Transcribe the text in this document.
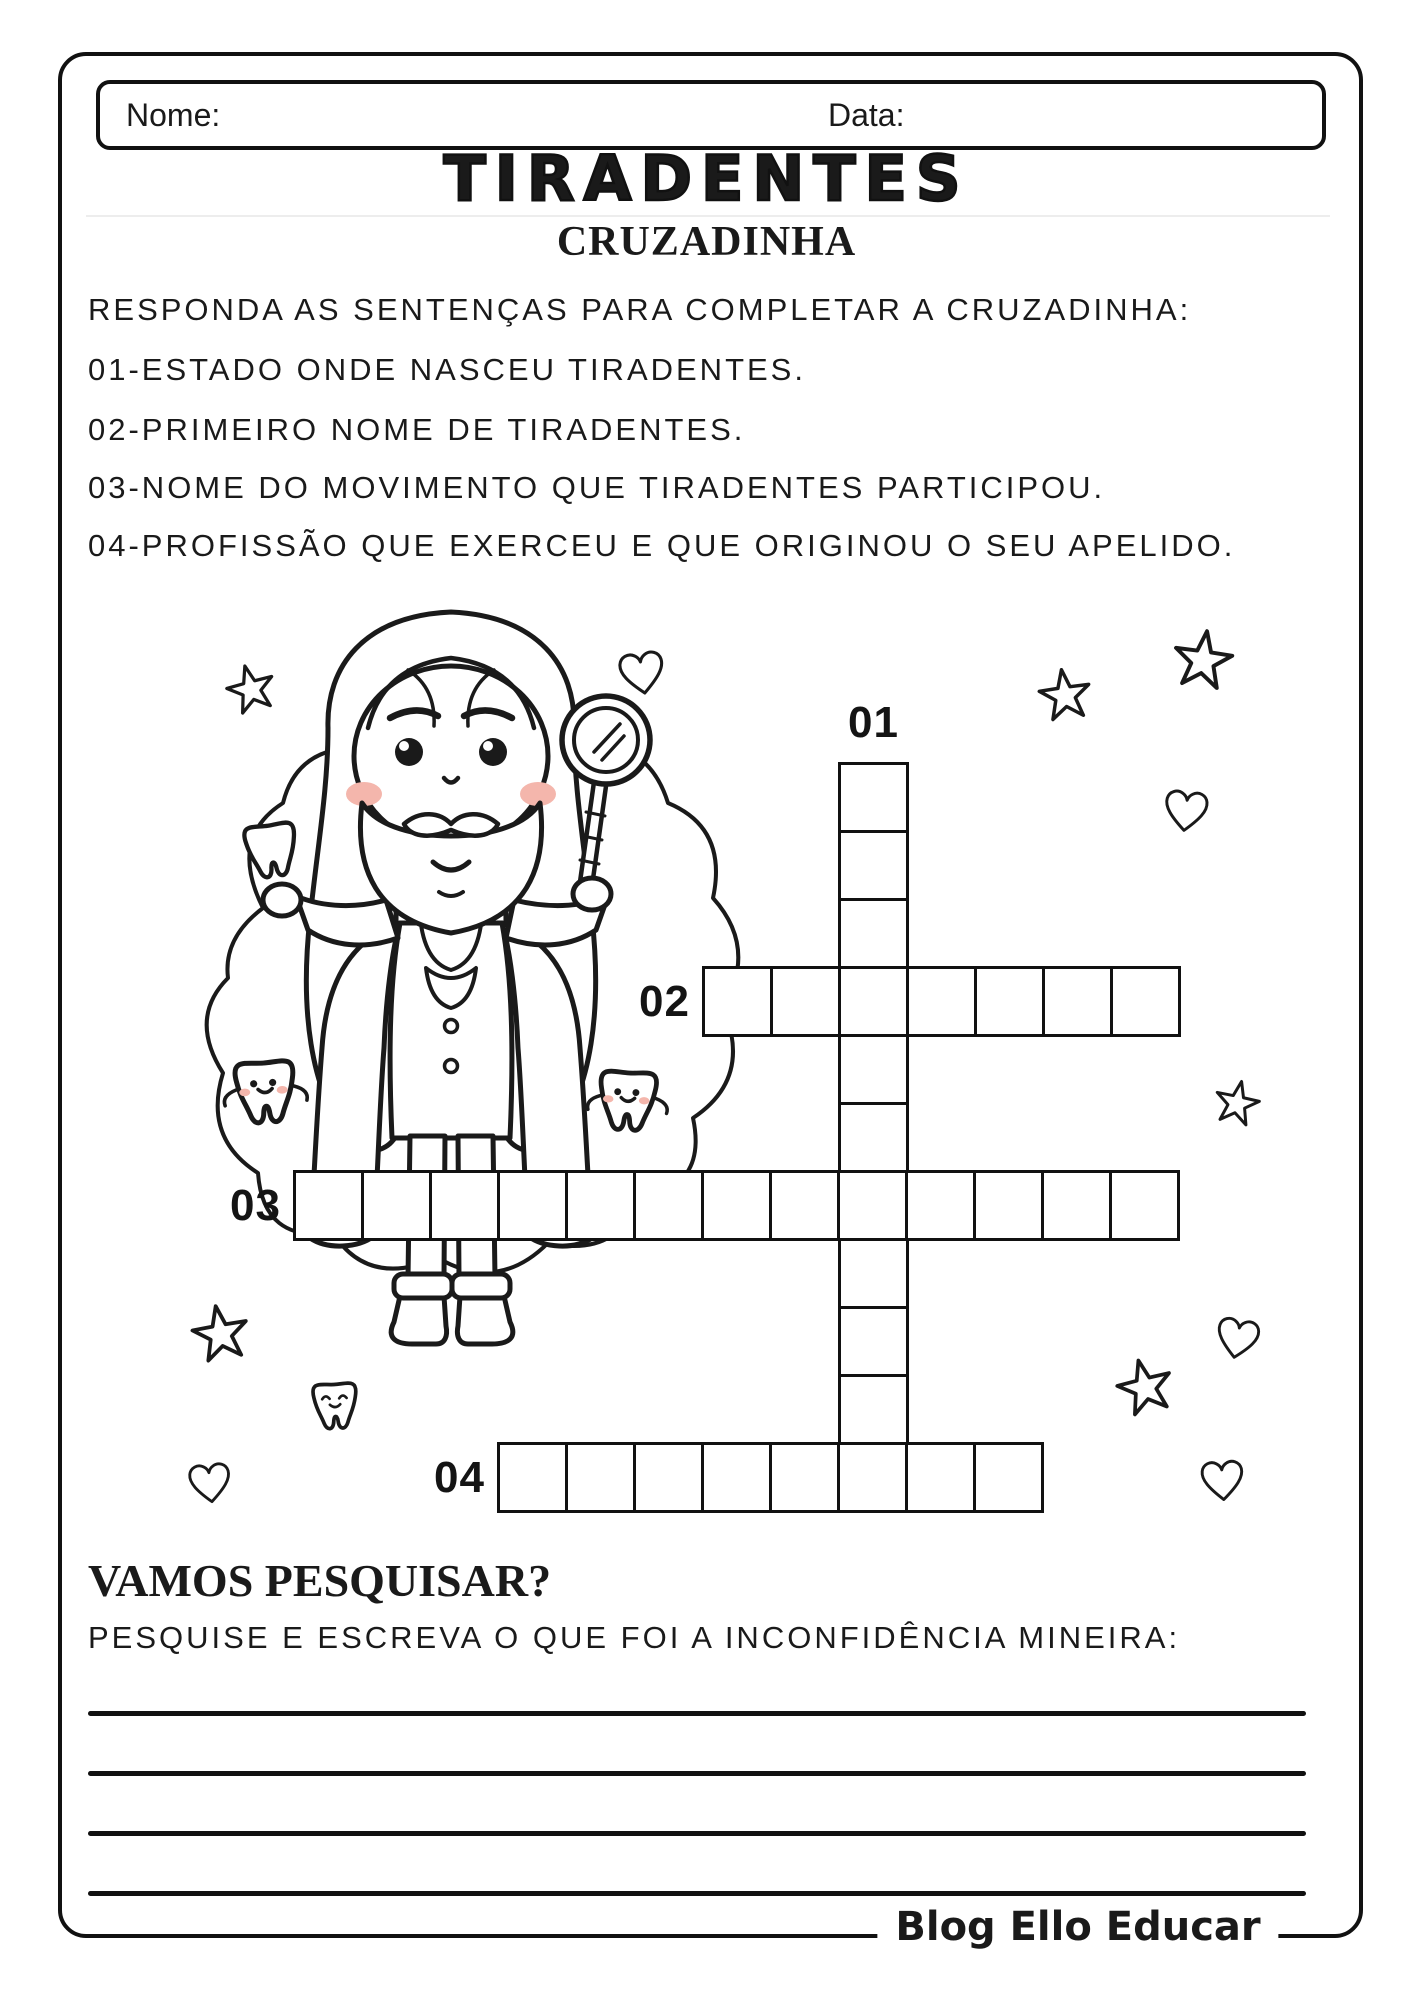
Nome:	Data:
TIRADENTES
CRUZADINHA
RESPONDA AS SENTENÇAS PARA COMPLETAR A CRUZADINHA:
01-ESTADO ONDE NASCEU TIRADENTES.
02-PRIMEIRO NOME DE TIRADENTES.
03-NOME DO MOVIMENTO QUE TIRADENTES PARTICIPOU.
04-PROFISSÃO QUE EXERCEU E QUE ORIGINOU O SEU APELIDO.
01
02
03
04
VAMOS PESQUISAR?
PESQUISE E ESCREVA O QUE FOI A INCONFIDÊNCIA MINEIRA:
Blog Ello Educar
